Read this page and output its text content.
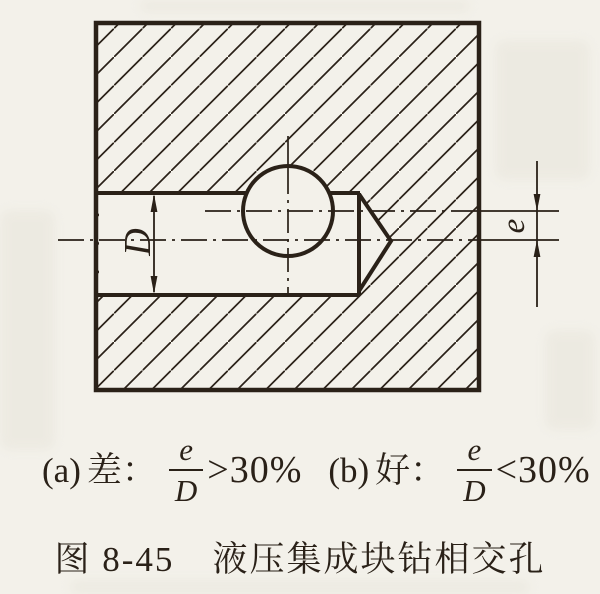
D
e
(a) 差： $\frac{e}{D} >30\%$ (b) 好： $\frac{e}{D} <30\%$
图 8-45 液压集成块钻相交孔
